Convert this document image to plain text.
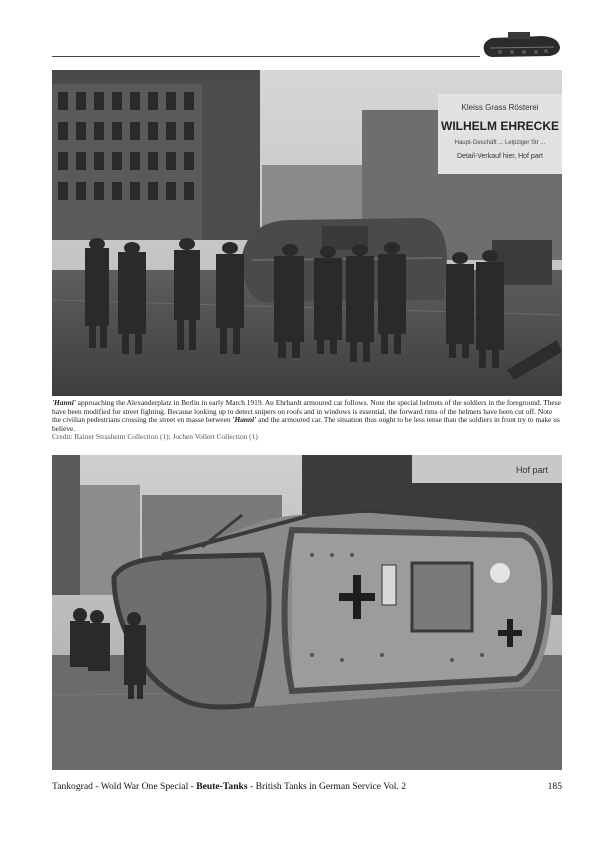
Kleiss Grass Rösterei
WILHELM EHRECKE
Haupt-Geschäft ... Leipziger Str ...
Detail-Verkauf hier, Hof part
'Hanni' approaching the Alexanderplatz in Berlin in early March 1919. An Ehrhardt armoured car follows. Note the special helmets of the soldiers in the foreground. These have been modified for street fighting. Because looking up to detect snipers on roofs and in windows is essential, the forward rims of the helmets have been cut off. Note the civilian pedestrians crossing the street en masse between 'Hanni' and the armoured car. The situation thus ought to be less tense than the soldiers in front try to make us believe.
Credit: Rainer Strasheim Collection (1); Jochen Vollert Collection (1)
Hof part
Tankograd - Wold War One Special - Beute-Tanks - British Tanks in German Service Vol. 2	185
